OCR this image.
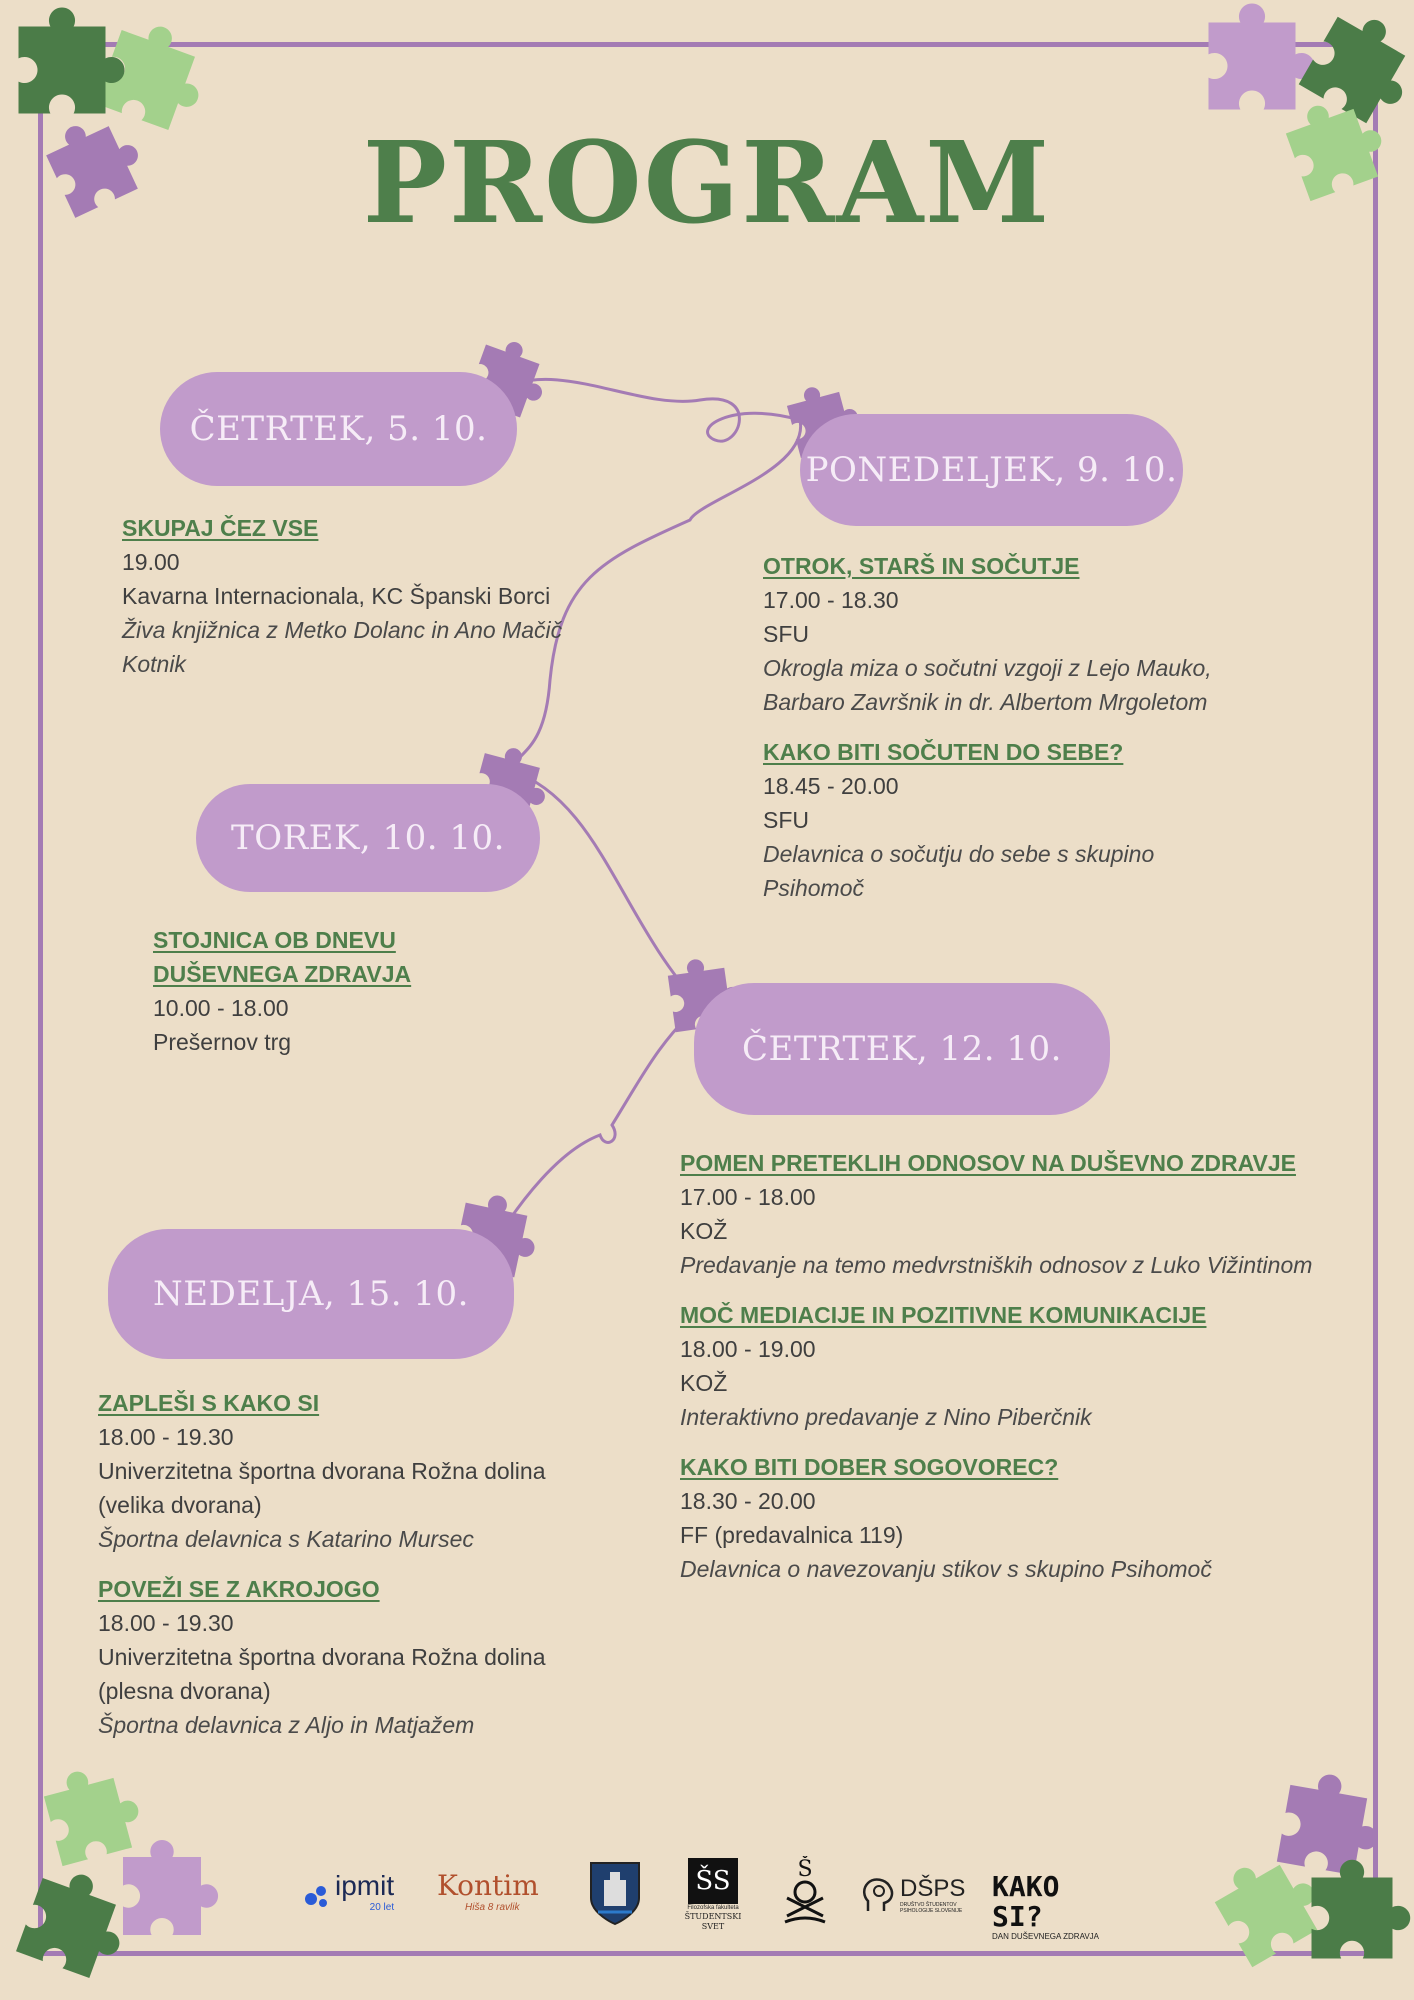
PROGRAM
ČETRTEK, 5. 10.
PONEDELJEK, 9. 10.
TOREK, 10. 10.
ČETRTEK, 12. 10.
NEDELJA, 15. 10.
SKUPAJ ČEZ VSE
19.00
Kavarna Internacionala, KC Španski Borci
Živa knjižnica z Metko Dolanc in Ano Mačič Kotnik
OTROK, STARŠ IN SOČUTJE
17.00 - 18.30
SFU
Okrogla miza o sočutni vzgoji z Lejo Mauko, Barbaro Završnik in dr. Albertom Mrgoletom
KAKO BITI SOČUTEN DO SEBE?
18.45 - 20.00
SFU
Delavnica o sočutju do sebe s skupino Psihomoč
STOJNICA OB DNEVU DUŠEVNEGA ZDRAVJA
10.00 - 18.00
Prešernov trg
POMEN PRETEKLIH ODNOSOV NA DUŠEVNO ZDRAVJE
17.00 - 18.00
KOŽ
Predavanje na temo medvrstniških odnosov z Luko Vižintinom
MOČ MEDIACIJE IN POZITIVNE KOMUNIKACIJE
18.00 - 19.00
KOŽ
Interaktivno predavanje z Nino Piberčnik
KAKO BITI DOBER SOGOVOREC?
18.30 - 20.00
FF (predavalnica 119)
Delavnica o navezovanju stikov s skupino Psihomoč
ZAPLEŠI S KAKO SI
18.00 - 19.30
Univerzitetna športna dvorana Rožna dolina (velika dvorana)
Športna delavnica s Katarino Mursec
POVEŽI SE Z AKROJOGO
18.00 - 19.30
Univerzitetna športna dvorana Rožna dolina (plesna dvorana)
Športna delavnica z Aljo in Matjažem
ipmit
20 let
Kontim
Hiša 8 ravlik
ŠS
Filozofska fakulteta
ŠTUDENTSKI SVET
Š
DŠPS
DRUŠTVO ŠTUDENTOV PSIHOLOGIJE SLOVENIJE
KAKO SI?
DAN DUŠEVNEGA ZDRAVJA
